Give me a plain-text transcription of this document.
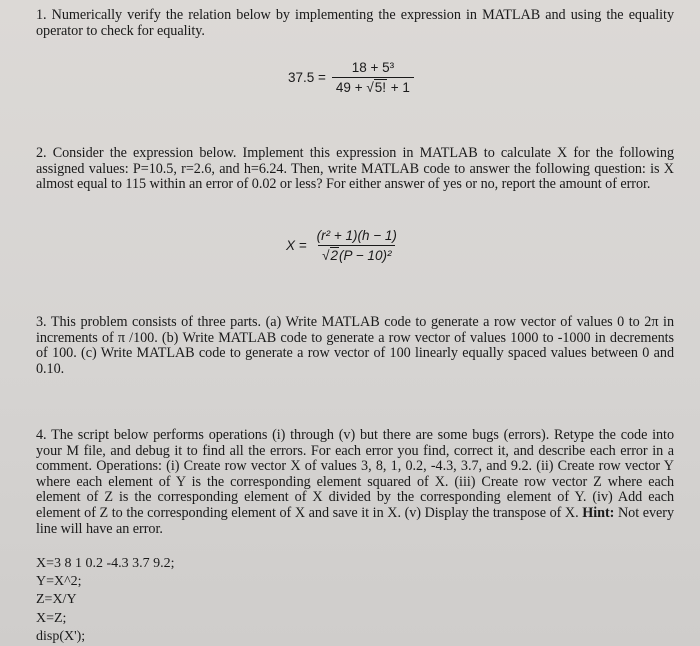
1. Numerically verify the relation below by implementing the expression in MATLAB and using the equality operator to check for equality.
$37.5 = \frac{\text{18 + 5³}}{49 + √5! + 1}$
2. Consider the expression below. Implement this expression in MATLAB to calculate X for the following assigned values: P=10.5, r=2.6, and h=6.24. Then, write MATLAB code to answer the following question: is X almost equal to 115 within an error of 0.02 or less? For either answer of yes or no, report the amount of error.
$X = \frac{\text{(r² + 1)(h − 1)}}{\text{√2(P − 10)²}}$
3. This problem consists of three parts. (a) Write MATLAB code to generate a row vector of values 0 to 2π in increments of π /100. (b) Write MATLAB code to generate a row vector of values 1000 to -1000 in decrements of 100. (c) Write MATLAB code to generate a row vector of 100 linearly equally spaced values between 0 and 0.10.
4. The script below performs operations (i) through (v) but there are some bugs (errors). Retype the code into your M file, and debug it to find all the errors. For each error you find, correct it, and describe each error in a comment. Operations: (i) Create row vector X of values 3, 8, 1, 0.2, -4.3, 3.7, and 9.2. (ii) Create row vector Y where each element of Y is the corresponding element squared of X. (iii) Create row vector Z where each element of Z is the corresponding element of X divided by the corresponding element of Y. (iv) Add each element of Z to the corresponding element of X and save it in X. (v) Display the transpose of X. Hint: Not every line will have an error.
X=3 8 1 0.2 -4.3 3.7 9.2;
Y=X^2;
Z=X/Y
X=Z;
disp(X');
